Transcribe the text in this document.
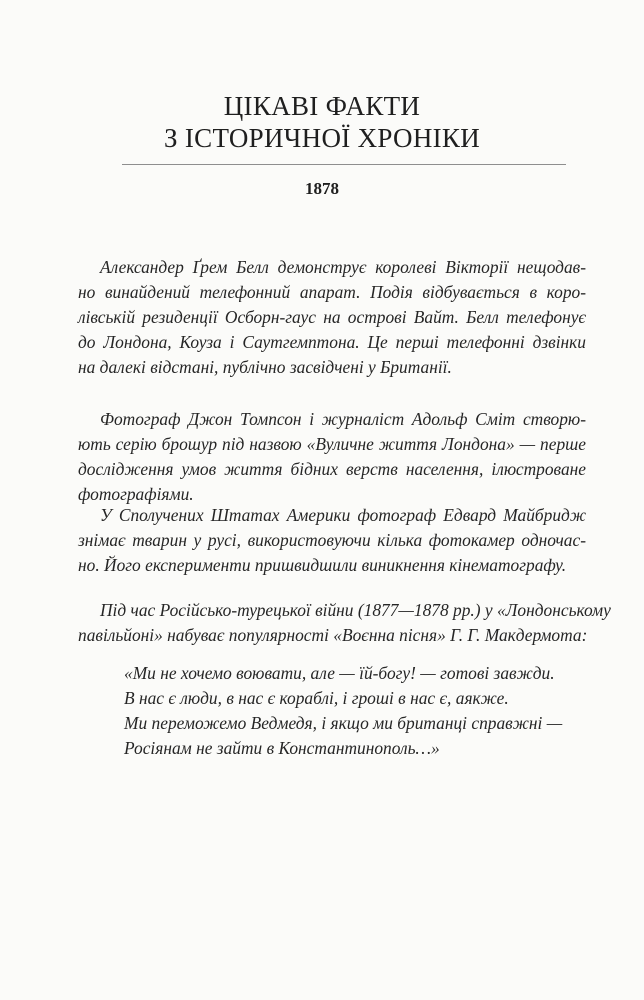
ЦІКАВІ ФАКТИ
З ІСТОРИЧНОЇ ХРОНІКИ
1878
Александер Ґрем Белл демонструє королеві Вікторії нещодав-
но винайдений телефонний апарат. Подія відбувається в коро-
лівській резиденції Осборн-гаус на острові Вайт. Белл телефонує
до Лондона, Коуза і Саутгемптона. Це перші телефонні дзвінки
на далекі відстані, публічно засвідчені у Британії.
Фотограф Джон Томпсон і журналіст Адольф Сміт створю-
ють серію брошур під назвою «Вуличне життя Лондона» — перше
дослідження умов життя бідних верств населення, ілюстроване
фотографіями.
У Сполучених Штатах Америки фотограф Едвард Майбридж
знімає тварин у русі, використовуючи кілька фотокамер одночас-
но. Його експерименти пришвидшили виникнення кінематографу.
Під час Російсько-турецької війни (1877—1878 рр.) у «Лондонському
павільйоні» набуває популярності «Воєнна пісня» Г. Г. Макдермота:
«Ми не хочемо воювати, але — їй-богу! — готові завжди.
В нас є люди, в нас є кораблі, і гроші в нас є, аякже.
Ми переможемо Ведмедя, і якщо ми британці справжні —
Росіянам не зайти в Константинополь…»
